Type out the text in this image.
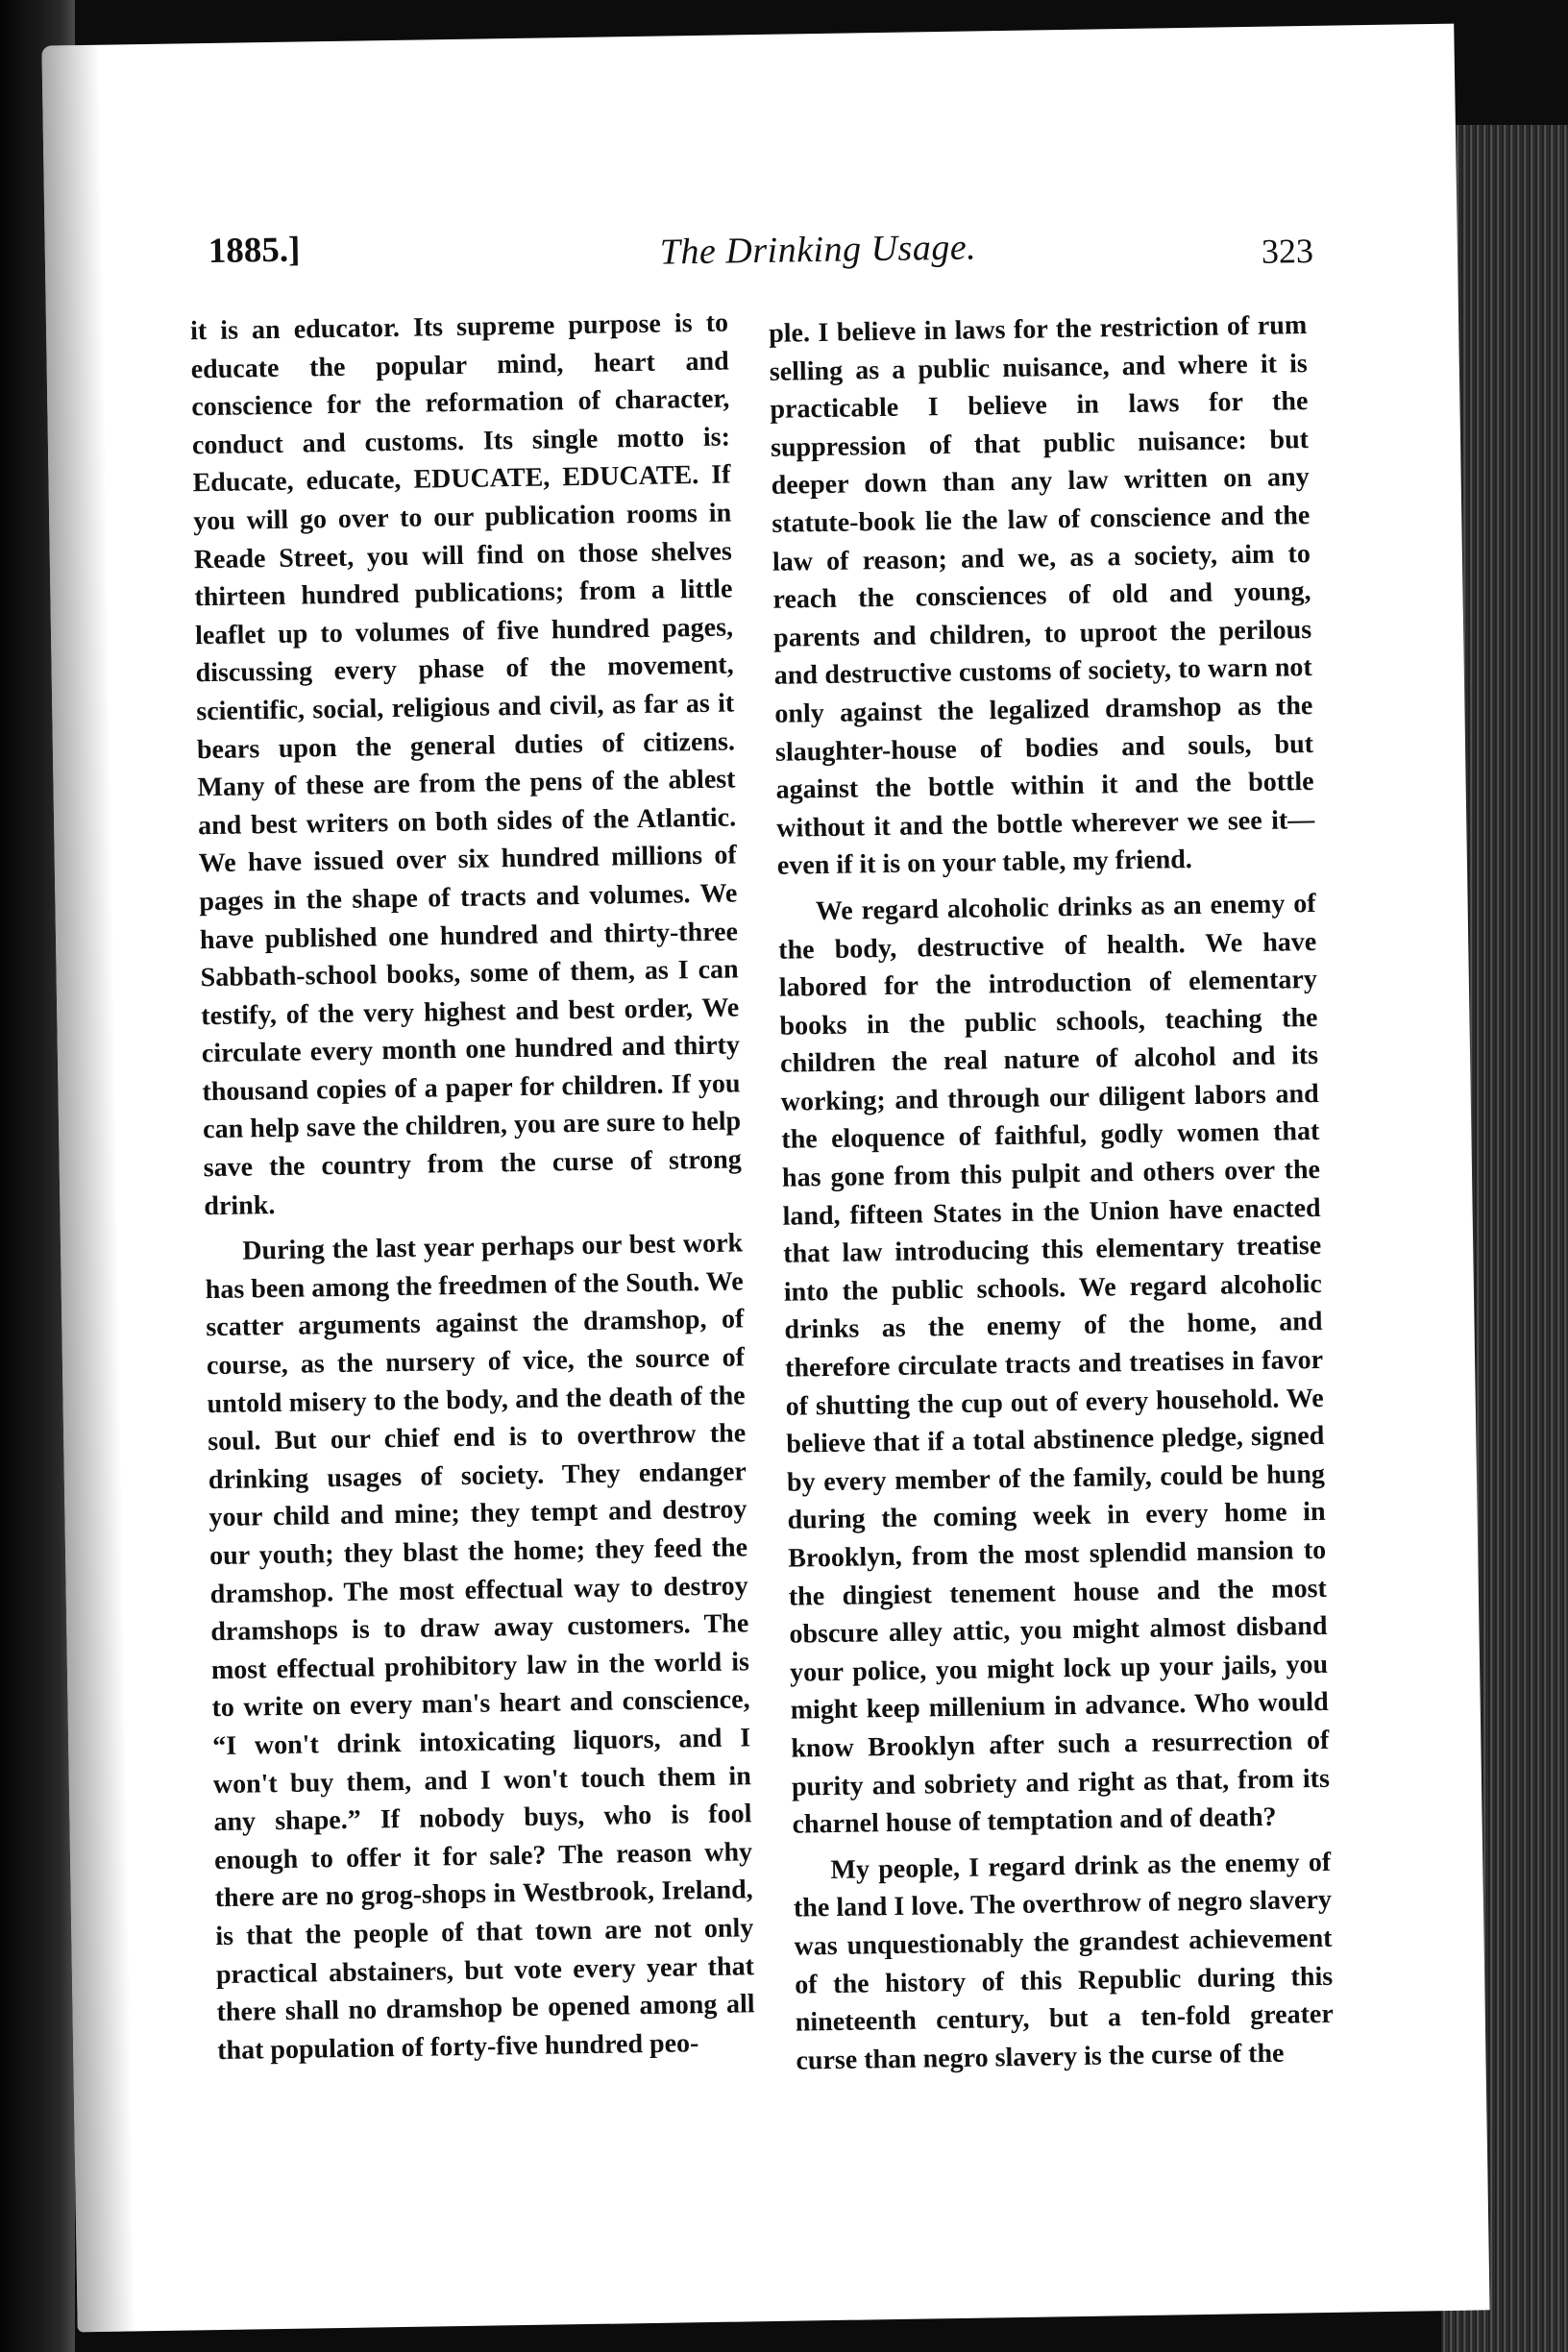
1885.]	The Drinking Usage.	323

it is an educator. Its supreme purpose is to educate the popular mind, heart and conscience for the reformation of character, conduct and customs. Its single motto is: Educate, educate, EDUCATE, EDUCATE. If you will go over to our publication rooms in Reade Street, you will find on those shelves thirteen hundred publications; from a little leaflet up to volumes of five hundred pages, discussing every phase of the movement, scientific, social, religious and civil, as far as it bears upon the general duties of citizens. Many of these are from the pens of the ablest and best writers on both sides of the Atlantic. We have issued over six hundred millions of pages in the shape of tracts and volumes. We have published one hundred and thirty-three Sabbath-school books, some of them, as I can testify, of the very highest and best order, We circulate every month one hundred and thirty thousand copies of a paper for children. If you can help save the children, you are sure to help save the country from the curse of strong drink.

During the last year perhaps our best work has been among the freedmen of the South. We scatter arguments against the dramshop, of course, as the nursery of vice, the source of untold misery to the body, and the death of the soul. But our chief end is to overthrow the drinking usages of society. They endanger your child and mine; they tempt and destroy our youth; they blast the home; they feed the dramshop. The most effectual way to destroy dramshops is to draw away customers. The most effectual prohibitory law in the world is to write on every man's heart and conscience, “I won't drink intoxicating liquors, and I won't buy them, and I won't touch them in any shape.” If nobody buys, who is fool enough to offer it for sale? The reason why there are no grog-shops in Westbrook, Ireland, is that the people of that town are not only practical abstainers, but vote every year that there shall no dramshop be opened among all that population of forty-five hundred peo-

ple. I believe in laws for the restriction of rum selling as a public nuisance, and where it is practicable I believe in laws for the suppression of that public nuisance: but deeper down than any law written on any statute-book lie the law of conscience and the law of reason; and we, as a society, aim to reach the consciences of old and young, parents and children, to uproot the perilous and destructive customs of society, to warn not only against the legalized dramshop as the slaughter-house of bodies and souls, but against the bottle within it and the bottle without it and the bottle wherever we see it—even if it is on your table, my friend.

We regard alcoholic drinks as an enemy of the body, destructive of health. We have labored for the introduction of elementary books in the public schools, teaching the children the real nature of alcohol and its working; and through our diligent labors and the eloquence of faithful, godly women that has gone from this pulpit and others over the land, fifteen States in the Union have enacted that law introducing this elementary treatise into the public schools. We regard alcoholic drinks as the enemy of the home, and therefore circulate tracts and treatises in favor of shutting the cup out of every household. We believe that if a total abstinence pledge, signed by every member of the family, could be hung during the coming week in every home in Brooklyn, from the most splendid mansion to the dingiest tenement house and the most obscure alley attic, you might almost disband your police, you might lock up your jails, you might keep millenium in advance. Who would know Brooklyn after such a resurrection of purity and sobriety and right as that, from its charnel house of temptation and of death?

My people, I regard drink as the enemy of the land I love. The overthrow of negro slavery was unquestionably the grandest achievement of the history of this Republic during this nineteenth century, but a ten-fold greater curse than negro slavery is the curse of the
